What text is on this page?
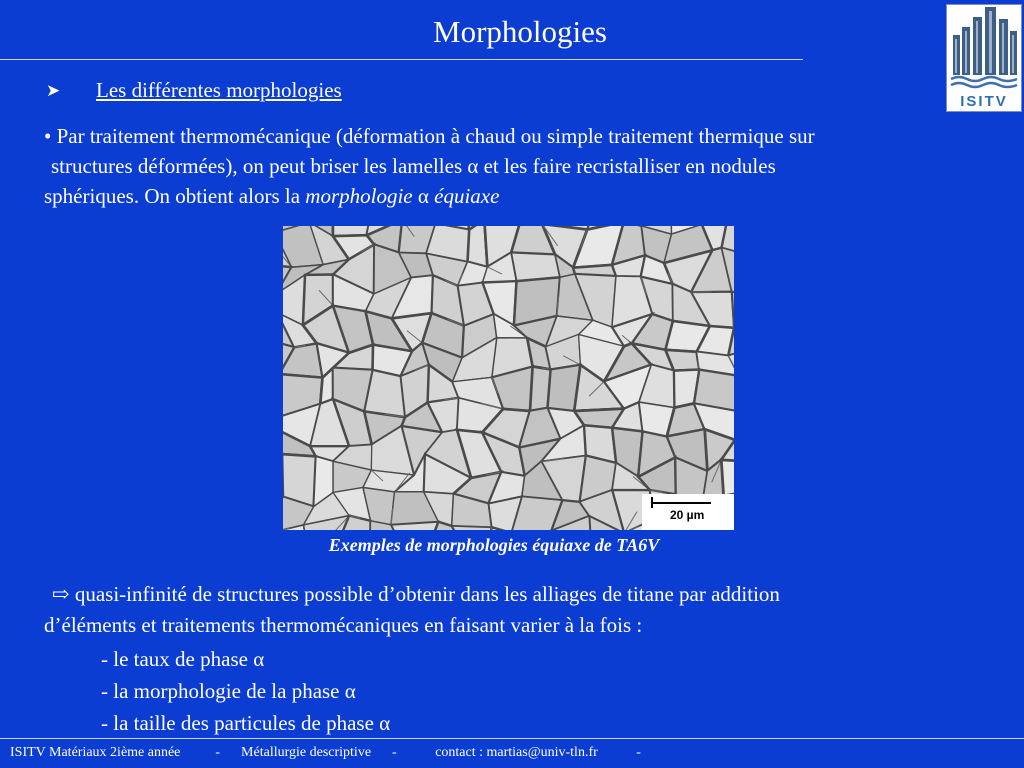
Morphologies
ISITV
➤	Les différentes morphologies
• Par traitement thermomécanique (déformation à chaud ou simple traitement thermique sur
structures déformées), on peut briser les lamelles α et les faire recristalliser en nodules
sphériques. On obtient alors la morphologie α équiaxe
20 µm
Exemples de morphologies équiaxe de TA6V
⇨ quasi-infinité de structures possible d’obtenir dans les alliages de titane par addition
d’éléments et traitements thermomécaniques en faisant varier à la fois :
- le taux de phase α
- la morphologie de la phase α
- la taille des particules de phase α
ISITV Matériaux 2ième année          -      Métallurgie descriptive      -           contact : martias@univ-tln.fr           -
